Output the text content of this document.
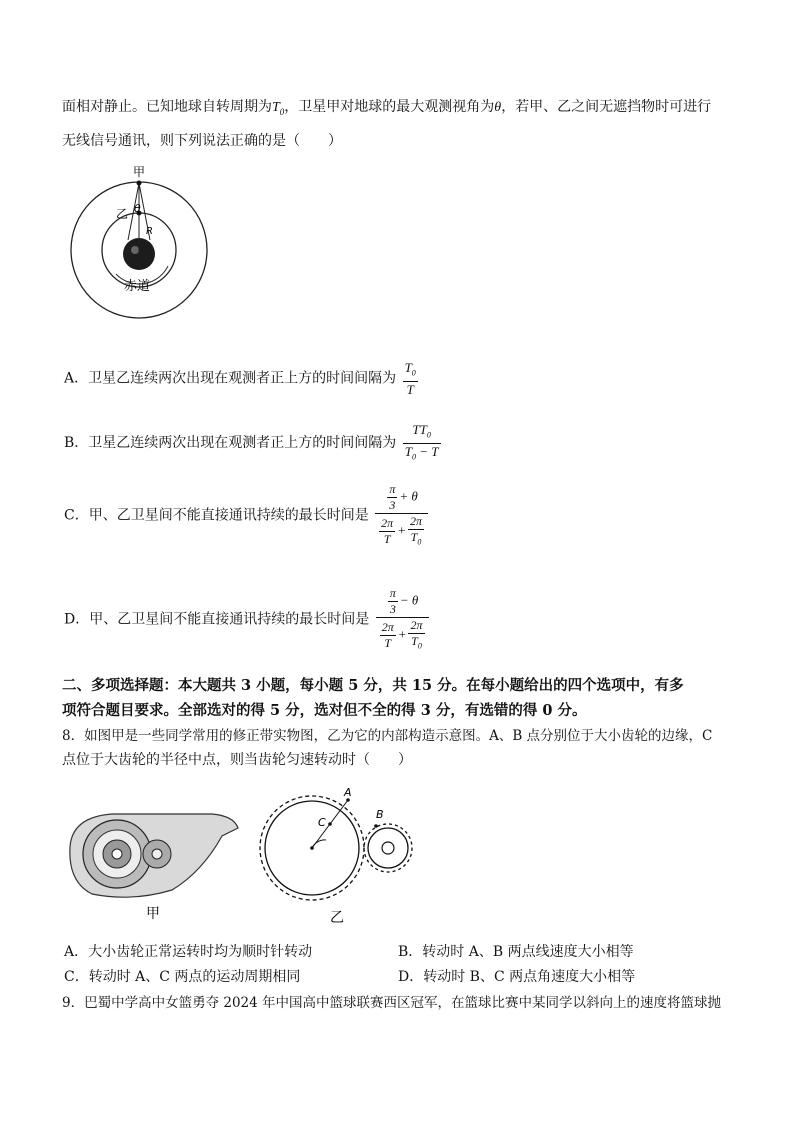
面相对静止。已知地球自转周期为$T_0$，卫星甲对地球的最大观测视角为θ，若甲、乙之间无遮挡物时可进行
无线信号通讯，则下列说法正确的是（　　）
甲
乙 θ
R
赤道
A．卫星乙连续两次出现在观测者正上方的时间间隔为 $\frac{T_0}{T}$
B．卫星乙连续两次出现在观测者正上方的时间间隔为 $\frac{TT_0}{T_0 - T}$
C．甲、乙卫星间不能直接通讯持续的最长时间是 $\frac{\frac{\pi}{3} + \theta}{\frac{2\pi}{T} + \frac{2\pi}{T_0}}$
D．甲、乙卫星间不能直接通讯持续的最长时间是 $\frac{\frac{\pi}{3} - \theta}{\frac{2\pi}{T} + \frac{2\pi}{T_0}}$
二、多项选择题：本大题共 3 小题，每小题 5 分，共 15 分。在每小题给出的四个选项中，有多
项符合题目要求。全部选对的得 5 分，选对但不全的得 3 分，有选错的得 0 分。
8．如图甲是一些同学常用的修正带实物图，乙为它的内部构造示意图。A、B 点分别位于大小齿轮的边缘，C
点位于大齿轮的半径中点，则当齿轮匀速转动时（　　）
甲
A
B
C
乙
A．大小齿轮正常运转时均为顺时针转动	B．转动时 A、B 两点线速度大小相等
C．转动时 A、C 两点的运动周期相同	D．转动时 B、C 两点角速度大小相等
9．巴蜀中学高中女篮勇夺 2024 年中国高中篮球联赛西区冠军，在篮球比赛中某同学以斜向上的速度将篮球抛
